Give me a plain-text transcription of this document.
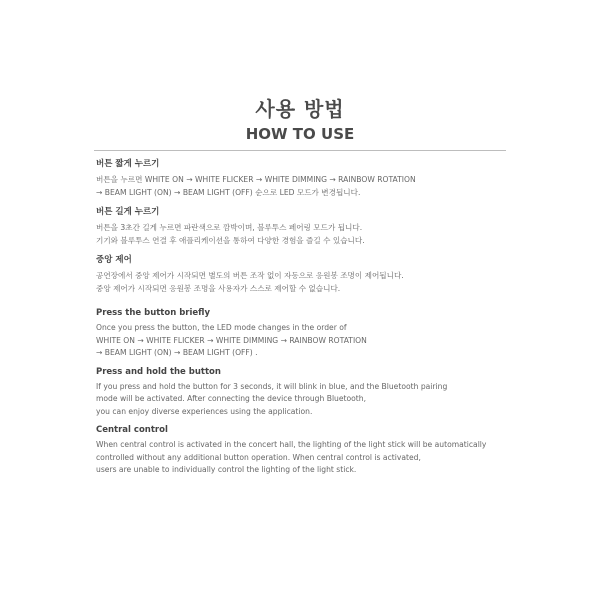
사용 방법
HOW TO USE
버튼 짧게 누르기
버튼을 누르면 WHITE ON → WHITE FLICKER → WHITE DIMMING → RAINBOW ROTATION
→ BEAM LIGHT (ON) → BEAM LIGHT (OFF) 순으로 LED 모드가 변경됩니다.
버튼 길게 누르기
버튼을 3초간 길게 누르면 파란색으로 깜박이며, 블루투스 페어링 모드가 됩니다.
기기와 블루투스 연결 후 애플리케이션을 통하여 다양한 경험을 즐길 수 있습니다.
중앙 제어
공연장에서 중앙 제어가 시작되면 별도의 버튼 조작 없이 자동으로 응원봉 조명이 제어됩니다.
중앙 제어가 시작되면 응원봉 조명을 사용자가 스스로 제어할 수 없습니다.
Press the button briefly
Once you press the button, the LED mode changes in the order of
WHITE ON → WHITE FLICKER → WHITE DIMMING → RAINBOW ROTATION
→ BEAM LIGHT (ON) → BEAM LIGHT (OFF) .
Press and hold the button
If you press and hold the button for 3 seconds, it will blink in blue, and the Bluetooth pairing
mode will be activated. After connecting the device through Bluetooth,
you can enjoy diverse experiences using the application.
Central control
When central control is activated in the concert hall, the lighting of the light stick will be automatically
controlled without any additional button operation. When central control is activated,
users are unable to individually control the lighting of the light stick.
